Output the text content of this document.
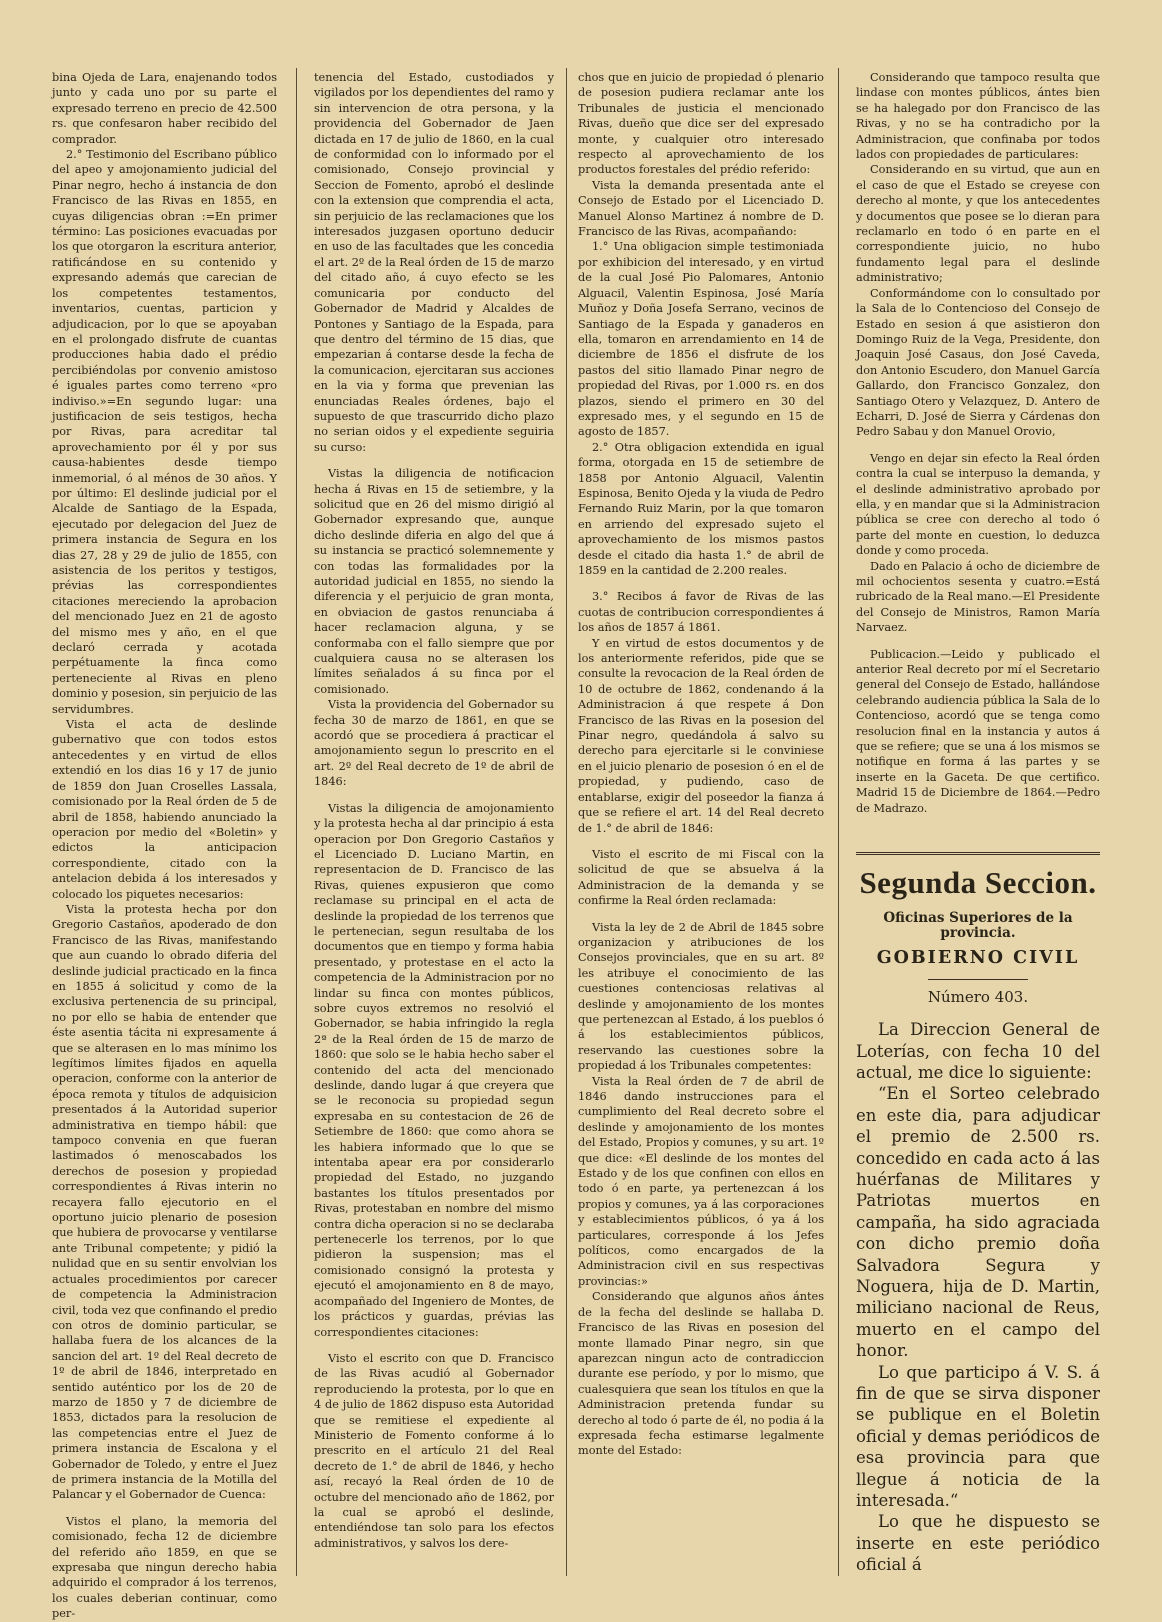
bina Ojeda de Lara, enajenando todos junto y cada uno por su parte el expresado terreno en precio de 42.500 rs. que confesaron haber recibido del comprador.

2.° Testimonio del Escribano público del apeo y amojonamiento judicial del Pinar negro, hecho á instancia de don Francisco de las Rivas en 1855, en cuyas diligencias obran :=En primer término: Las posiciones evacuadas por los que otorgaron la escritura anterior, ratificándose en su contenido y expresando además que carecian de los competentes testamentos, inventarios, cuentas, particion y adjudicacion, por lo que se apoyaban en el prolongado disfrute de cuantas producciones habia dado el prédio percibiéndolas por convenio amistoso é iguales partes como terreno «pro indiviso.»=En segundo lugar: una justificacion de seis testigos, hecha por Rivas, para acreditar tal aprovechamiento por él y por sus causa-habientes desde tiempo inmemorial, ó al ménos de 30 años. Y por último: El deslinde judicial por el Alcalde de Santiago de la Espada, ejecutado por delegacion del Juez de primera instancia de Segura en los dias 27, 28 y 29 de julio de 1855, con asistencia de los peritos y testigos, prévias las correspondientes citaciones mereciendo la aprobacion del mencionado Juez en 21 de agosto del mismo mes y año, en el que declaró cerrada y acotada perpétuamente la finca como perteneciente al Rivas en pleno dominio y posesion, sin perjuicio de las servidumbres.

Vista el acta de deslinde gubernativo que con todos estos antecedentes y en virtud de ellos extendió en los dias 16 y 17 de junio de 1859 don Juan Croselles Lassala, comisionado por la Real órden de 5 de abril de 1858, habiendo anunciado la operacion por medio del «Boletin» y edictos la anticipacion correspondiente, citado con la antelacion debida á los interesados y colocado los piquetes necesarios:

Vista la protesta hecha por don Gregorio Castaños, apoderado de don Francisco de las Rivas, manifestando que aun cuando lo obrado diferia del deslinde judicial practicado en la finca en 1855 á solicitud y como de la exclusiva pertenencia de su principal, no por ello se habia de entender que éste asentia tácita ni expresamente á que se alterasen en lo mas mínimo los legítimos límites fijados en aquella operacion, conforme con la anterior de época remota y títulos de adquisicion presentados á la Autoridad superior administrativa en tiempo hábil: que tampoco convenia en que fueran lastimados ó menoscabados los derechos de posesion y propiedad correspondientes á Rivas interin no recayera fallo ejecutorio en el oportuno juicio plenario de posesion que hubiera de provocarse y ventilarse ante Tribunal competente; y pidió la nulidad que en su sentir envolvian los actuales procedimientos por carecer de competencia la Administracion civil, toda vez que confinando el predio con otros de dominio particular, se hallaba fuera de los alcances de la sancion del art. 1º del Real decreto de 1º de abril de 1846, interpretado en sentido auténtico por los de 20 de marzo de 1850 y 7 de diciembre de 1853, dictados para la resolucion de las competencias entre el Juez de primera instancia de Escalona y el Gobernador de Toledo, y entre el Juez de primera instancia de la Motilla del Palancar y el Gobernador de Cuenca:

Vistos el plano, la memoria del comisionado, fecha 12 de diciembre del referido año 1859, en que se expresaba que ningun derecho habia adquirido el comprador á los terrenos, los cuales deberian continuar, como per-

tenencia del Estado, custodiados y vigilados por los dependientes del ramo y sin intervencion de otra persona, y la providencia del Gobernador de Jaen dictada en 17 de julio de 1860, en la cual de conformidad con lo informado por el comisionado, Consejo provincial y Seccion de Fomento, aprobó el deslinde con la extension que comprendia el acta, sin perjuicio de las reclamaciones que los interesados juzgasen oportuno deducir en uso de las facultades que les concedia el art. 2º de la Real órden de 15 de marzo del citado año, á cuyo efecto se les comunicaria por conducto del Gobernador de Madrid y Alcaldes de Pontones y Santiago de la Espada, para que dentro del término de 15 dias, que empezarian á contarse desde la fecha de la comunicacion, ejercitaran sus acciones en la via y forma que prevenian las enunciadas Reales órdenes, bajo el supuesto de que trascurrido dicho plazo no serian oidos y el expediente seguiria su curso:

Vistas la diligencia de notificacion hecha á Rivas en 15 de setiembre, y la solicitud que en 26 del mismo dirigió al Gobernador expresando que, aunque dicho deslinde diferia en algo del que á su instancia se practicó solemnemente y con todas las formalidades por la autoridad judicial en 1855, no siendo la diferencia y el perjuicio de gran monta, en obviacion de gastos renunciaba á hacer reclamacion alguna, y se conformaba con el fallo siempre que por cualquiera causa no se alterasen los límites señalados á su finca por el comisionado.

Vista la providencia del Gobernador su fecha 30 de marzo de 1861, en que se acordó que se procediera á practicar el amojonamiento segun lo prescrito en el art. 2º del Real decreto de 1º de abril de 1846:

Vistas la diligencia de amojonamiento y la protesta hecha al dar principio á esta operacion por Don Gregorio Castaños y el Licenciado D. Luciano Martin, en representacion de D. Francisco de las Rivas, quienes expusieron que como reclamase su principal en el acta de deslinde la propiedad de los terrenos que le pertenecian, segun resultaba de los documentos que en tiempo y forma habia presentado, y protestase en el acto la competencia de la Administracion por no lindar su finca con montes públicos, sobre cuyos extremos no resolvió el Gobernador, se habia infringido la regla 2ª de la Real órden de 15 de marzo de 1860: que solo se le habia hecho saber el contenido del acta del mencionado deslinde, dando lugar á que creyera que se le reconocia su propiedad segun expresaba en su contestacion de 26 de Setiembre de 1860: que como ahora se les habiera informado que lo que se intentaba apear era por considerarlo propiedad del Estado, no juzgando bastantes los títulos presentados por Rivas, protestaban en nombre del mismo contra dicha operacion si no se declaraba pertenecerle los terrenos, por lo que pidieron la suspension; mas el comisionado consignó la protesta y ejecutó el amojonamiento en 8 de mayo, acompañado del Ingeniero de Montes, de los prácticos y guardas, prévias las correspondientes citaciones:

Visto el escrito con que D. Francisco de las Rivas acudió al Gobernador reproduciendo la protesta, por lo que en 4 de julio de 1862 dispuso esta Autoridad que se remitiese el expediente al Ministerio de Fomento conforme á lo prescrito en el artículo 21 del Real decreto de 1.° de abril de 1846, y hecho así, recayó la Real órden de 10 de octubre del mencionado año de 1862, por la cual se aprobó el deslinde, entendiéndose tan solo para los efectos administrativos, y salvos los dere-

chos que en juicio de propiedad ó plenario de posesion pudiera reclamar ante los Tribunales de justicia el mencionado Rivas, dueño que dice ser del expresado monte, y cualquier otro interesado respecto al aprovechamiento de los productos forestales del prédio referido:

Vista la demanda presentada ante el Consejo de Estado por el Licenciado D. Manuel Alonso Martinez á nombre de D. Francisco de las Rivas, acompañando:

1.° Una obligacion simple testimoniada por exhibicion del interesado, y en virtud de la cual José Pio Palomares, Antonio Alguacil, Valentin Espinosa, José María Muñoz y Doña Josefa Serrano, vecinos de Santiago de la Espada y ganaderos en ella, tomaron en arrendamiento en 14 de diciembre de 1856 el disfrute de los pastos del sitio llamado Pinar negro de propiedad del Rivas, por 1.000 rs. en dos plazos, siendo el primero en 30 del expresado mes, y el segundo en 15 de agosto de 1857.

2.° Otra obligacion extendida en igual forma, otorgada en 15 de setiembre de 1858 por Antonio Alguacil, Valentin Espinosa, Benito Ojeda y la viuda de Pedro Fernando Ruiz Marin, por la que tomaron en arriendo del expresado sujeto el aprovechamiento de los mismos pastos desde el citado dia hasta 1.° de abril de 1859 en la cantidad de 2.200 reales.

3.° Recibos á favor de Rivas de las cuotas de contribucion correspondientes á los años de 1857 á 1861.

Y en virtud de estos documentos y de los anteriormente referidos, pide que se consulte la revocacion de la Real órden de 10 de octubre de 1862, condenando á la Administracion á que respete á Don Francisco de las Rivas en la posesion del Pinar negro, quedándola á salvo su derecho para ejercitarle si le conviniese en el juicio plenario de posesion ó en el de propiedad, y pudiendo, caso de entablarse, exigir del poseedor la fianza á que se refiere el art. 14 del Real decreto de 1.° de abril de 1846:

Visto el escrito de mi Fiscal con la solicitud de que se absuelva á la Administracion de la demanda y se confirme la Real órden reclamada:

Vista la ley de 2 de Abril de 1845 sobre organizacion y atribuciones de los Consejos provinciales, que en su art. 8º les atribuye el conocimiento de las cuestiones contenciosas relativas al deslinde y amojonamiento de los montes que pertenezcan al Estado, á los pueblos ó á los establecimientos públicos, reservando las cuestiones sobre la propiedad á los Tribunales competentes:

Vista la Real órden de 7 de abril de 1846 dando instrucciones para el cumplimiento del Real decreto sobre el deslinde y amojonamiento de los montes del Estado, Propios y comunes, y su art. 1º que dice: «El deslinde de los montes del Estado y de los que confinen con ellos en todo ó en parte, ya pertenezcan á los propios y comunes, ya á las corporaciones y establecimientos públicos, ó ya á los particulares, corresponde á los Jefes políticos, como encargados de la Administracion civil en sus respectivas provincias:»

Considerando que algunos años ántes de la fecha del deslinde se hallaba D. Francisco de las Rivas en posesion del monte llamado Pinar negro, sin que aparezcan ningun acto de contradiccion durante ese período, y por lo mismo, que cualesquiera que sean los títulos en que la Administracion pretenda fundar su derecho al todo ó parte de él, no podia á la expresada fecha estimarse legalmente monte del Estado:

Considerando que tampoco resulta que lindase con montes públicos, ántes bien se ha halegado por don Francisco de las Rivas, y no se ha contradicho por la Administracion, que confinaba por todos lados con propiedades de particulares:

Considerando en su virtud, que aun en el caso de que el Estado se creyese con derecho al monte, y que los antecedentes y documentos que posee se lo dieran para reclamarlo en todo ó en parte en el correspondiente juicio, no hubo fundamento legal para el deslinde administrativo;

Conformándome con lo consultado por la Sala de lo Contencioso del Consejo de Estado en sesion á que asistieron don Domingo Ruiz de la Vega, Presidente, don Joaquin José Casaus, don José Caveda, don Antonio Escudero, don Manuel García Gallardo, don Francisco Gonzalez, don Santiago Otero y Velazquez, D. Antero de Echarri, D. José de Sierra y Cárdenas don Pedro Sabau y don Manuel Orovio,

Vengo en dejar sin efecto la Real órden contra la cual se interpuso la demanda, y el deslinde administrativo aprobado por ella, y en mandar que si la Administracion pública se cree con derecho al todo ó parte del monte en cuestion, lo deduzca donde y como proceda.

Dado en Palacio á ocho de diciembre de mil ochocientos sesenta y cuatro.=Está rubricado de la Real mano.—El Presidente del Consejo de Ministros, Ramon María Narvaez.

Publicacion.—Leido y publicado el anterior Real decreto por mí el Secretario general del Consejo de Estado, hallándose celebrando audiencia pública la Sala de lo Contencioso, acordó que se tenga como resolucion final en la instancia y autos á que se refiere; que se una á los mismos se notifique en forma á las partes y se inserte en la Gaceta. De que certifico. Madrid 15 de Diciembre de 1864.—Pedro de Madrazo.

Segunda Seccion.
Oficinas Superiores de la provincia.
GOBIERNO CIVIL
Número 403.

La Direccion General de Loterías, con fecha 10 del actual, me dice lo siguiente:

“En el Sorteo celebrado en este dia, para adjudicar el premio de 2.500 rs. concedido en cada acto á las huérfanas de Militares y Patriotas muertos en campaña, ha sido agraciada con dicho premio doña Salvadora Segura y Noguera, hija de D. Martin, miliciano nacional de Reus, muerto en el campo del honor.

Lo que participo á V. S. á fin de que se sirva disponer se publique en el Boletin oficial y demas periódicos de esa provincia para que llegue á noticia de la interesada.“

Lo que he dispuesto se inserte en este periódico oficial á
